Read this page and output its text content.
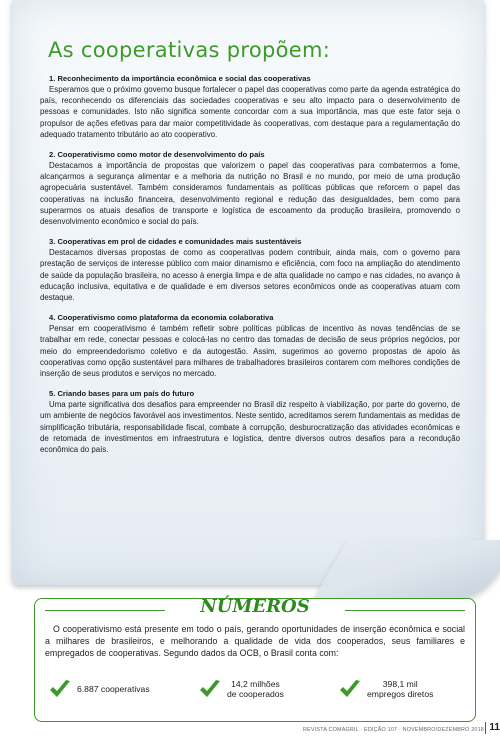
As cooperativas propõem:

1. Reconhecimento da importância econômica e social das cooperativas

Esperamos que o próximo governo busque fortalecer o papel das cooperativas como parte da agenda estratégica do país, reconhecendo os diferenciais das sociedades cooperativas e seu alto impacto para o desenvolvimento de pessoas e comunidades. Isto não significa somente concordar com a sua importância, mas que este fator seja o propulsor de ações efetivas para dar maior competitividade às cooperativas, com destaque para a regulamentação do adequado tratamento tributário ao ato cooperativo.

2. Cooperativismo como motor de desenvolvimento do país

Destacamos a importância de propostas que valorizem o papel das cooperativas para combatermos a fome, alcançarmos a segurança alimentar e a melhoria da nutrição no Brasil e no mundo, por meio de uma produção agropecuária sustentável. Também consideramos fundamentais as políticas públicas que reforcem o papel das cooperativas na inclusão financeira, desenvolvimento regional e redução das desigualdades, bem como para superarmos os atuais desafios de transporte e logística de escoamento da produção brasileira, promovendo o desenvolvimento econômico e social do país.

3. Cooperativas em prol de cidades e comunidades mais sustentáveis

Destacamos diversas propostas de como as cooperativas podem contribuir, ainda mais, com o governo para prestação de serviços de interesse público com maior dinamismo e eficiência, com foco na ampliação do atendimento de saúde da população brasileira, no acesso à energia limpa e de alta qualidade no campo e nas cidades, no avanço à educação inclusiva, equitativa e de qualidade e em diversos setores econômicos onde as cooperativas atuam com destaque.

4. Cooperativismo como plataforma da economia colaborativa

Pensar em cooperativismo é também refletir sobre políticas públicas de incentivo às novas tendências de se trabalhar em rede, conectar pessoas e colocá-las no centro das tomadas de decisão de seus próprios negócios, por meio do empreendedorismo coletivo e da autogestão. Assim, sugerimos ao governo propostas de apoio às cooperativas como opção sustentável para milhares de trabalhadores brasileiros contarem com melhores condições de inserção de seus produtos e serviços no mercado.

5. Criando bases para um país do futuro

Uma parte significativa dos desafios para empreender no Brasil diz respeito à viabilização, por parte do governo, de um ambiente de negócios favorável aos investimentos. Neste sentido, acreditamos serem fundamentais as medidas de simplificação tributária, responsabilidade fiscal, combate à corrupção, desburocratização das atividades econômicas e de retomada de investimentos em infraestrutura e logística, dentre diversos outros desafios para a recondução econômica do país.

NÚMEROS
O cooperativismo está presente em todo o país, gerando oportunidades de inserção econômica e social a milhares de brasileiros, e melhorando a qualidade de vida dos cooperados, seus familiares e empregados de cooperativas. Segundo dados da OCB, o Brasil conta com:
6.887 cooperativas	14,2 milhões
de cooperados
398,1 mil
empregos diretos
REVISTA COMAGRIL · EDIÇÃO 107 · NOVEMBRO/DEZEMBRO 2018 11
